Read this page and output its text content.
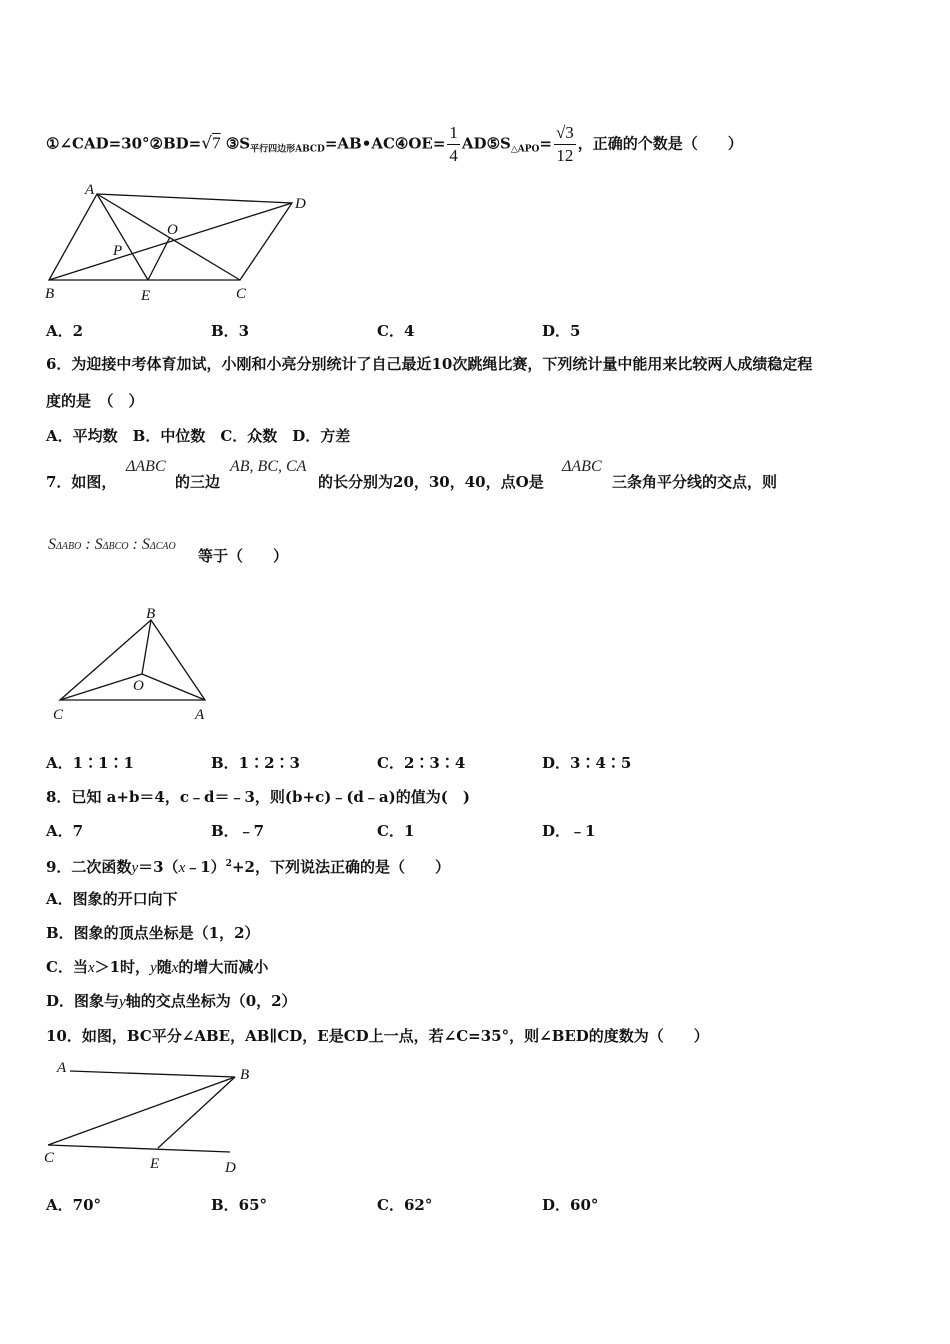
①∠CAD=30°②BD=√7 $③S_{平行四边形ABCD}=AB•AC④OE= \frac{1}{4}$ $AD⑤S_{\triangle APO}= \frac{√3}{12}$ ，正确的个数是（　　）
A
D
O
P
B	E	C
A．2	B．3	C．4	D．5
6．为迎接中考体育加试，小刚和小亮分别统计了自己最近10次跳绳比赛，下列统计量中能用来比较两人成绩稳定程
度的是　（　）
A．平均数　B．中位数　C．众数　D．方差
7．如图，
ΔABC
的三边
AB, BC, CA
的长分别为20，30，40，点O是
ΔABC
三条角平分线的交点，则
SΔABO : SΔBCO : SΔCAO
等于（　　）
B
O
C	A
A．1∶1∶1	B．1∶2∶3	C．2∶3∶4	D．3∶4∶5
8．已知 a+b＝4，c﹣d＝﹣3，则(b+c)﹣(d﹣a)的值为(　)
A．7	B．﹣7	C．1	D．﹣1
9．二次函数y＝3（x﹣1）$^2$+2，下列说法正确的是（　　）
A．图象的开口向下
B．图象的顶点坐标是（1，2）
C．当x＞1时，y随x的增大而减小
D．图象与y轴的交点坐标为（0，2）
10．如图，BC平分∠ABE，AB∥CD，E是CD上一点，若∠C=35°，则∠BED的度数为（　　）
A	B
C	E	D
A．70°	B．65°	C．62°	D．60°
